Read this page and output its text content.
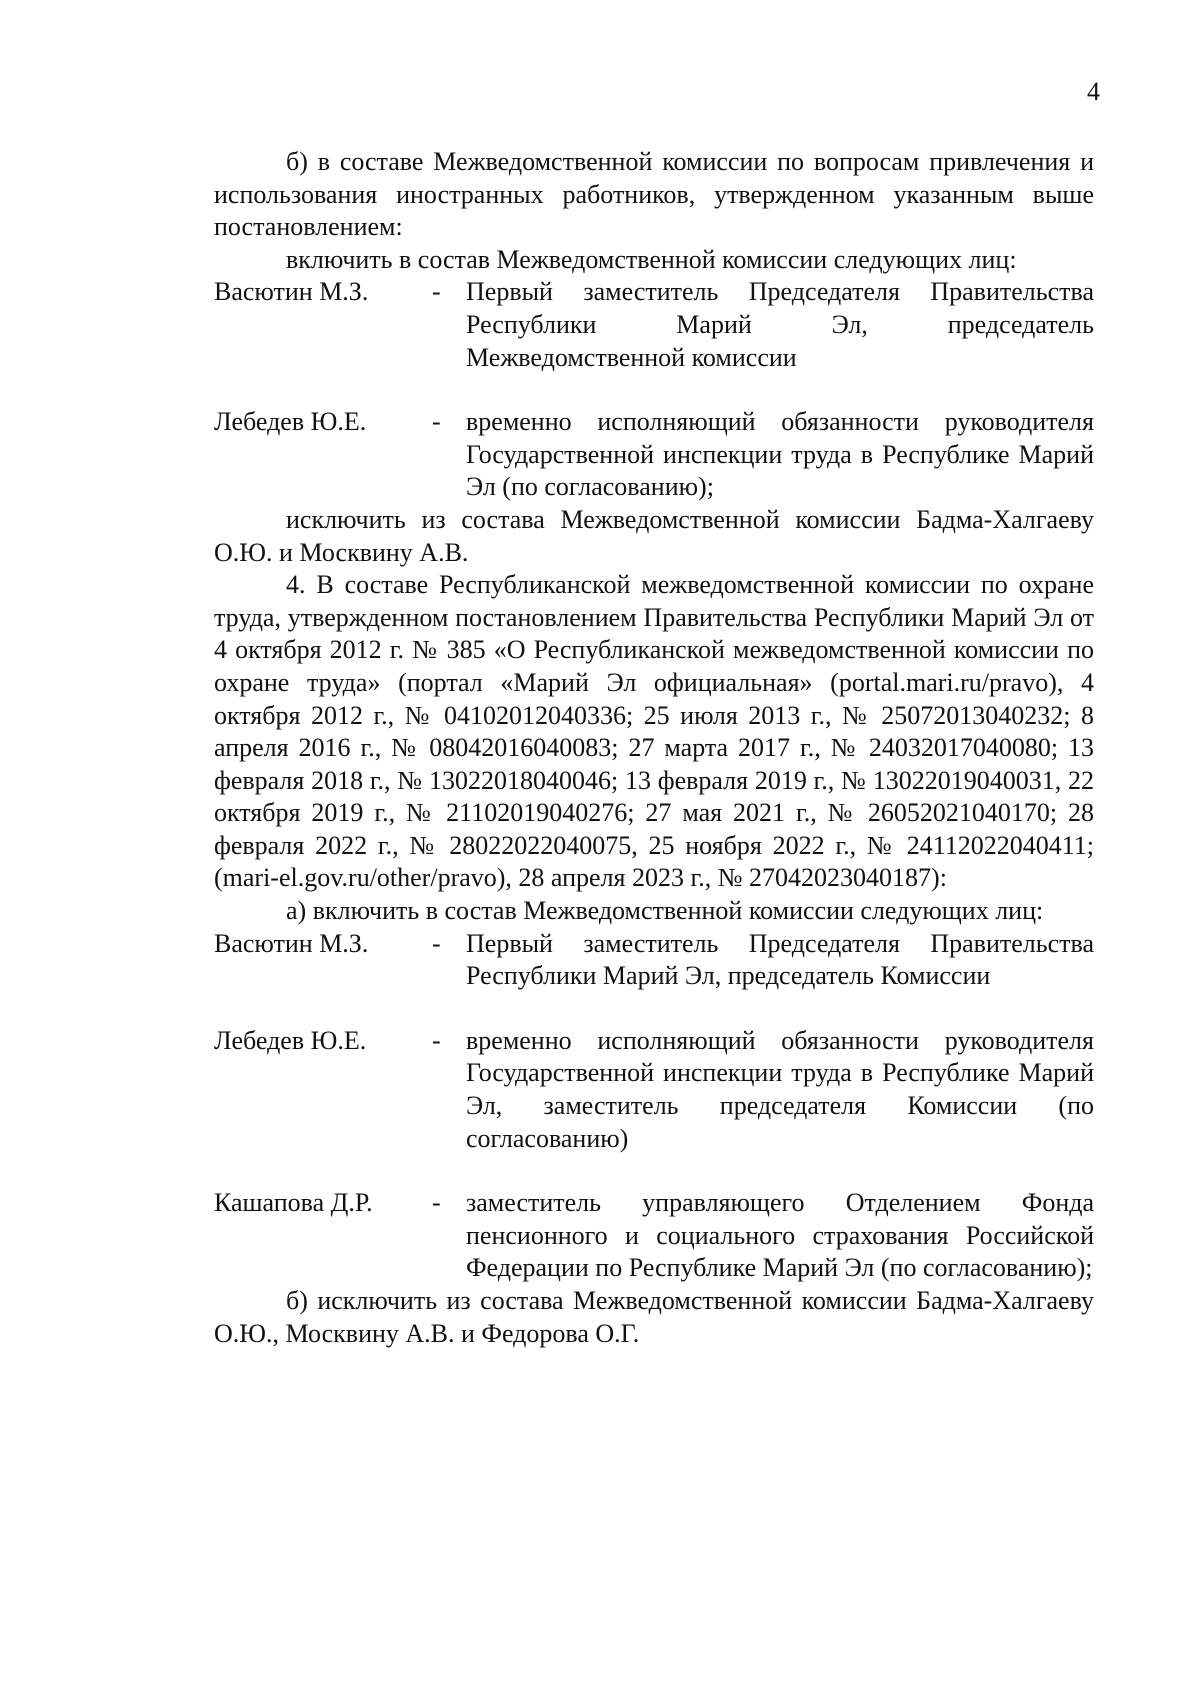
4

б) в составе Межведомственной комиссии по вопросам привлечения и использования иностранных работников, утвержденном указанным выше постановлением:

включить в состав Межведомственной комиссии следующих лиц:

Васютин М.З.	- Первый заместитель Председателя Правительства Республики Марий Эл, председатель Межведомственной комиссии
Лебедев Ю.Е.	- временно исполняющий обязанности руководителя Государственной инспекции труда в Республике Марий Эл (по согласованию);

исключить из состава Межведомственной комиссии Бадма-Халгаеву О.Ю. и Москвину А.В.

4. В составе Республиканской межведомственной комиссии по охране труда, утвержденном постановлением Правительства Республики Марий Эл от 4 октября 2012 г. № 385 «О Республиканской межведомственной комиссии по охране труда» (портал «Марий Эл официальная» (portal.mari.ru/pravo), 4 октября 2012 г., № 04102012040336; 25 июля 2013 г., № 25072013040232; 8 апреля 2016 г., № 08042016040083; 27 марта 2017 г., № 24032017040080; 13 февраля 2018 г., № 13022018040046; 13 февраля 2019 г., № 13022019040031, 22 октября 2019 г., № 21102019040276; 27 мая 2021 г., № 26052021040170; 28 февраля 2022 г., № 28022022040075, 25 ноября 2022 г., № 24112022040411; (mari-el.gov.ru/other/pravo), 28 апреля 2023 г., № 27042023040187):

а) включить в состав Межведомственной комиссии следующих лиц:

Васютин М.З.	- Первый заместитель Председателя Правительства Республики Марий Эл, председатель Комиссии
Лебедев Ю.Е.	- временно исполняющий обязанности руководителя Государственной инспекции труда в Республике Марий Эл, заместитель председателя Комиссии (по согласованию)
Кашапова Д.Р.	- заместитель управляющего Отделением Фонда пенсионного и социального страхования Российской Федерации по Республике Марий Эл (по согласованию);

б) исключить из состава Межведомственной комиссии Бадма-Халгаеву О.Ю., Москвину А.В. и Федорова О.Г.
